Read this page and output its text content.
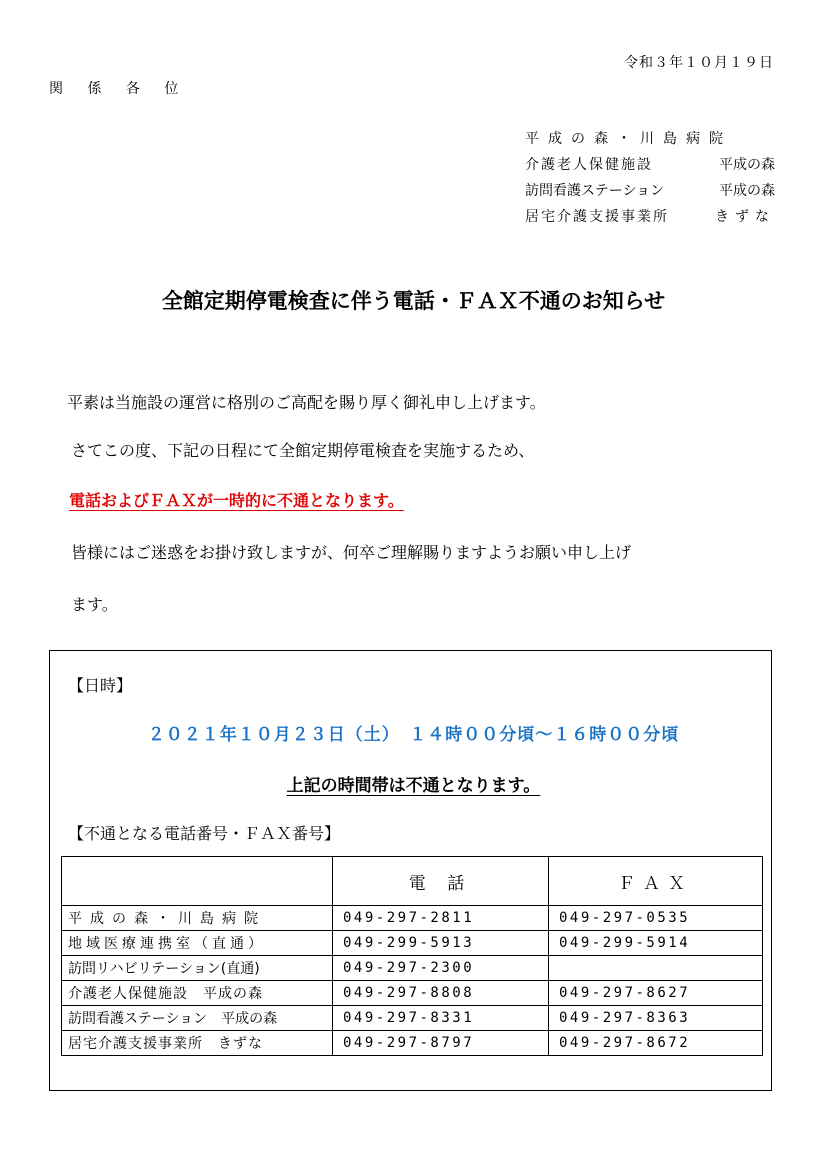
令和３年１０月１９日
関 係 各 位
平成の森・川島病院
介護老人保健施設	平成の森
訪問看護ステーション	平成の森
居宅介護支援事業所	きずな
全館定期停電検査に伴う電話・ＦＡＸ不通のお知らせ
平素は当施設の運営に格別のご高配を賜り厚く御礼申し上げます。
さてこの度、下記の日程にて全館定期停電検査を実施するため、
電話およびＦＡＸが一時的に不通となります。
皆様にはご迷惑をお掛け致しますが、何卒ご理解賜りますようお願い申し上げ
ます。
【日時】
２０２１年１０月２３日（土）　１４時００分頃～１６時００分頃
上記の時間帯は不通となります。
【不通となる電話番号・ＦＡＸ番号】
	電 話	ＦＡＸ
平成の森・川島病院	049-297-2811	049-297-0535
地域医療連携室（直通）	049-299-5913	049-299-5914
訪問リハビリテーション(直通)	049-297-2300	
介護老人保健施設　平成の森	049-297-8808	049-297-8627
訪問看護ステーション　平成の森	049-297-8331	049-297-8363
居宅介護支援事業所　きずな	049-297-8797	049-297-8672
